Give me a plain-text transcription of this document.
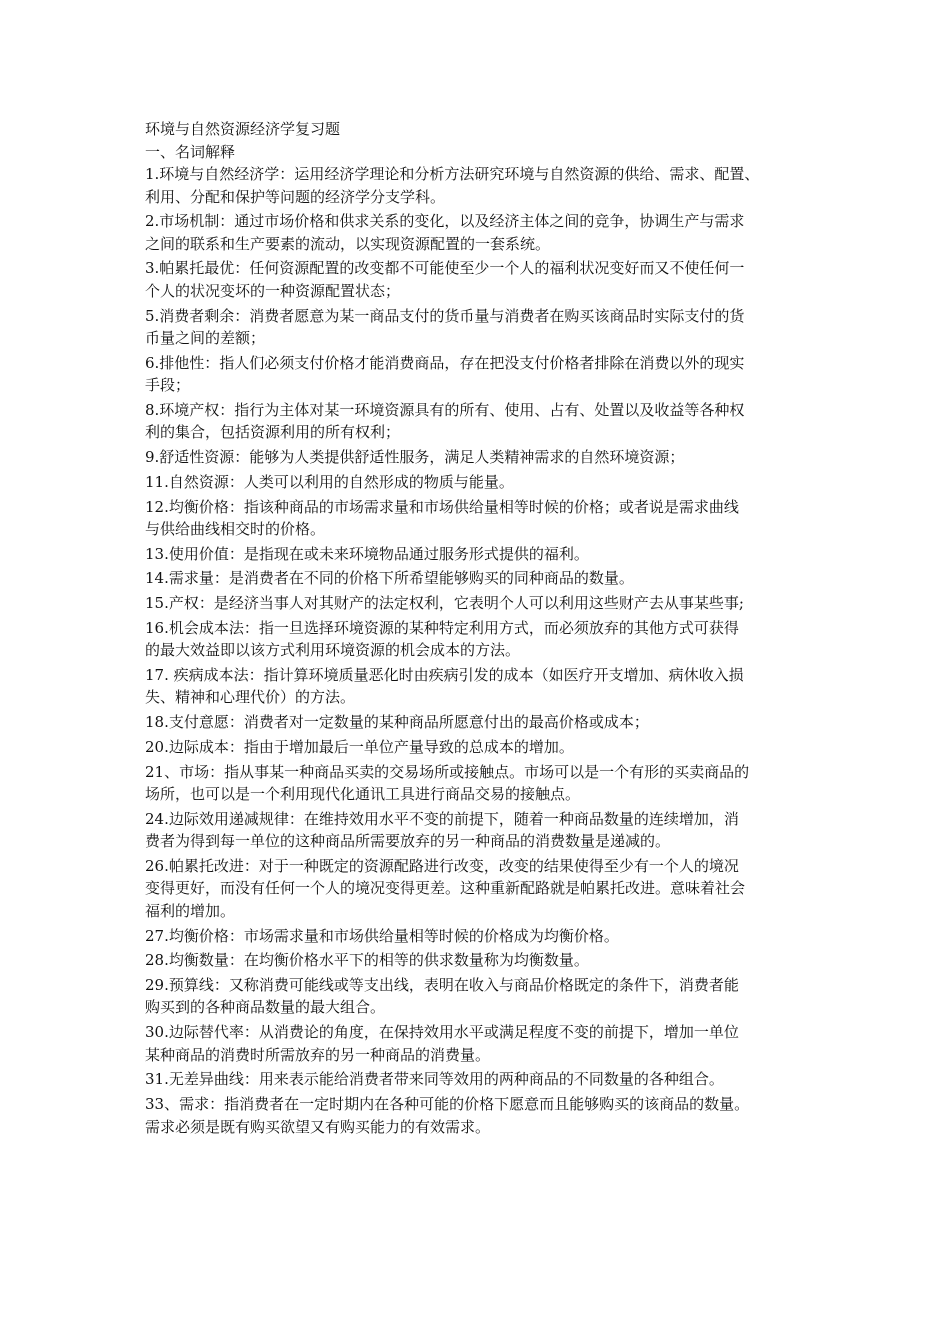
环境与自然资源经济学复习题

一、名词解释

1.环境与自然经济学：运用经济学理论和分析方法研究环境与自然资源的供给、需求、配置、

利用、分配和保护等问题的经济学分支学科。

2.市场机制：通过市场价格和供求关系的变化，以及经济主体之间的竞争，协调生产与需求

之间的联系和生产要素的流动，以实现资源配置的一套系统。

3.帕累托最优：任何资源配置的改变都不可能使至少一个人的福利状况变好而又不使任何一

个人的状况变坏的一种资源配置状态；

5.消费者剩余：消费者愿意为某一商品支付的货币量与消费者在购买该商品时实际支付的货

币量之间的差额；

6.排他性：指人们必须支付价格才能消费商品，存在把没支付价格者排除在消费以外的现实

手段；

8.环境产权：指行为主体对某一环境资源具有的所有、使用、占有、处置以及收益等各种权

利的集合，包括资源利用的所有权利；

9.舒适性资源：能够为人类提供舒适性服务，满足人类精神需求的自然环境资源；

11.自然资源：人类可以利用的自然形成的物质与能量。

12.均衡价格：指该种商品的市场需求量和市场供给量相等时候的价格；或者说是需求曲线

与供给曲线相交时的价格。

13.使用价值：是指现在或未来环境物品通过服务形式提供的福利。

14.需求量：是消费者在不同的价格下所希望能够购买的同种商品的数量。

15.产权：是经济当事人对其财产的法定权利，它表明个人可以利用这些财产去从事某些事;

16.机会成本法：指一旦选择环境资源的某种特定利用方式，而必须放弃的其他方式可获得

的最大效益即以该方式利用环境资源的机会成本的方法。

17. 疾病成本法：指计算环境质量恶化时由疾病引发的成本（如医疗开支增加、病休收入损

失、精神和心理代价）的方法。

18.支付意愿：消费者对一定数量的某种商品所愿意付出的最高价格或成本；

20.边际成本：指由于增加最后一单位产量导致的总成本的增加。

21、市场：指从事某一种商品买卖的交易场所或接触点。市场可以是一个有形的买卖商品的

场所，也可以是一个利用现代化通讯工具进行商品交易的接触点。

24.边际效用递减规律：在维持效用水平不变的前提下，随着一种商品数量的连续增加，消

费者为得到每一单位的这种商品所需要放弃的另一种商品的消费数量是递减的。

26.帕累托改进：对于一种既定的资源配路进行改变，改变的结果使得至少有一个人的境况

变得更好，而没有任何一个人的境况变得更差。这种重新配路就是帕累托改进。意味着社会

福利的增加。

27.均衡价格：市场需求量和市场供给量相等时候的价格成为均衡价格。

28.均衡数量：在均衡价格水平下的相等的供求数量称为均衡数量。

29.预算线：又称消费可能线或等支出线，表明在收入与商品价格既定的条件下，消费者能

购买到的各种商品数量的最大组合。

30.边际替代率：从消费论的角度，在保持效用水平或满足程度不变的前提下，增加一单位

某种商品的消费时所需放弃的另一种商品的消费量。

31.无差异曲线：用来表示能给消费者带来同等效用的两种商品的不同数量的各种组合。

33、需求：指消费者在一定时期内在各种可能的价格下愿意而且能够购买的该商品的数量。

需求必须是既有购买欲望又有购买能力的有效需求。
